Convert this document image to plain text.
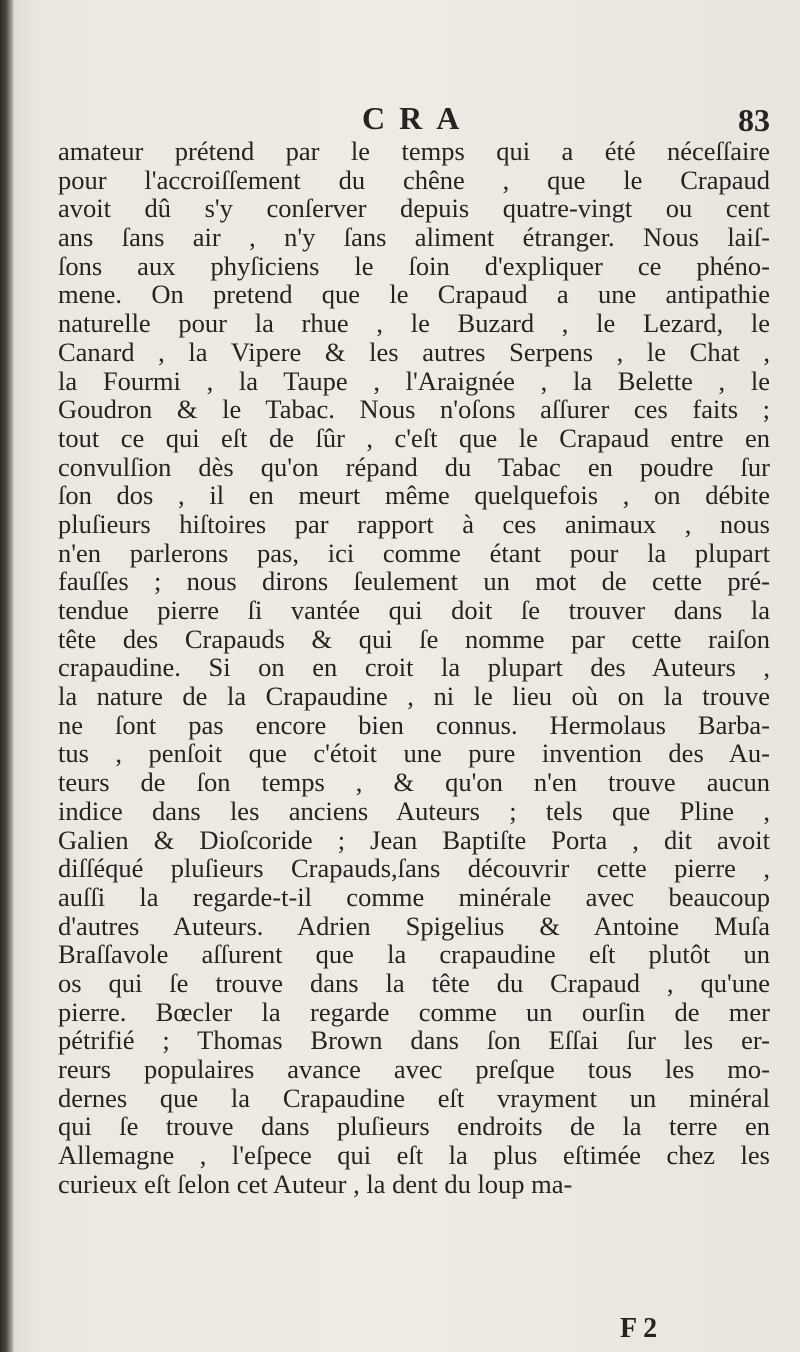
CRA	83
amateur prétend par le temps qui a été néceſſaire
pour l'accroiſſement du chêne , que le Crapaud
avoit dû s'y conſerver depuis quatre-vingt ou cent
ans ſans air , n'y ſans aliment étranger. Nous laiſ-
ſons aux phyſiciens le ſoin d'expliquer ce phéno-
mene. On pretend que le Crapaud a une antipathie
naturelle pour la rhue , le Buzard , le Lezard, le
Canard , la Vipere & les autres Serpens , le Chat ,
la Fourmi , la Taupe , l'Araignée , la Belette , le
Goudron & le Tabac. Nous n'oſons aſſurer ces faits ;
tout ce qui eſt de ſûr , c'eſt que le Crapaud entre en
convulſion dès qu'on répand du Tabac en poudre ſur
ſon dos , il en meurt même quelquefois , on débite
pluſieurs hiſtoires par rapport à ces animaux , nous
n'en parlerons pas, ici comme étant pour la plupart
fauſſes ; nous dirons ſeulement un mot de cette pré-
tendue pierre ſi vantée qui doit ſe trouver dans la
tête des Crapauds & qui ſe nomme par cette raiſon
crapaudine. Si on en croit la plupart des Auteurs ,
la nature de la Crapaudine , ni le lieu où on la trouve
ne ſont pas encore bien connus. Hermolaus Barba-
tus , penſoit que c'étoit une pure invention des Au-
teurs de ſon temps , & qu'on n'en trouve aucun
indice dans les anciens Auteurs ; tels que Pline ,
Galien & Dioſcoride ; Jean Baptiſte Porta , dit avoit
diſſéqué pluſieurs Crapauds,ſans découvrir cette pierre ,
auſſi la regarde-t-il comme minérale avec beaucoup
d'autres Auteurs. Adrien Spigelius & Antoine Muſa
Braſſavole aſſurent que la crapaudine eſt plutôt un
os qui ſe trouve dans la tête du Crapaud , qu'une
pierre. Bœcler la regarde comme un ourſin de mer
pétrifié ; Thomas Brown dans ſon Eſſai ſur les er-
reurs populaires avance avec preſque tous les mo-
dernes que la Crapaudine eſt vrayment un minéral
qui ſe trouve dans pluſieurs endroits de la terre en
Allemagne , l'eſpece qui eſt la plus eſtimée chez les
curieux eſt ſelon cet Auteur , la dent du loup ma-
F 2
